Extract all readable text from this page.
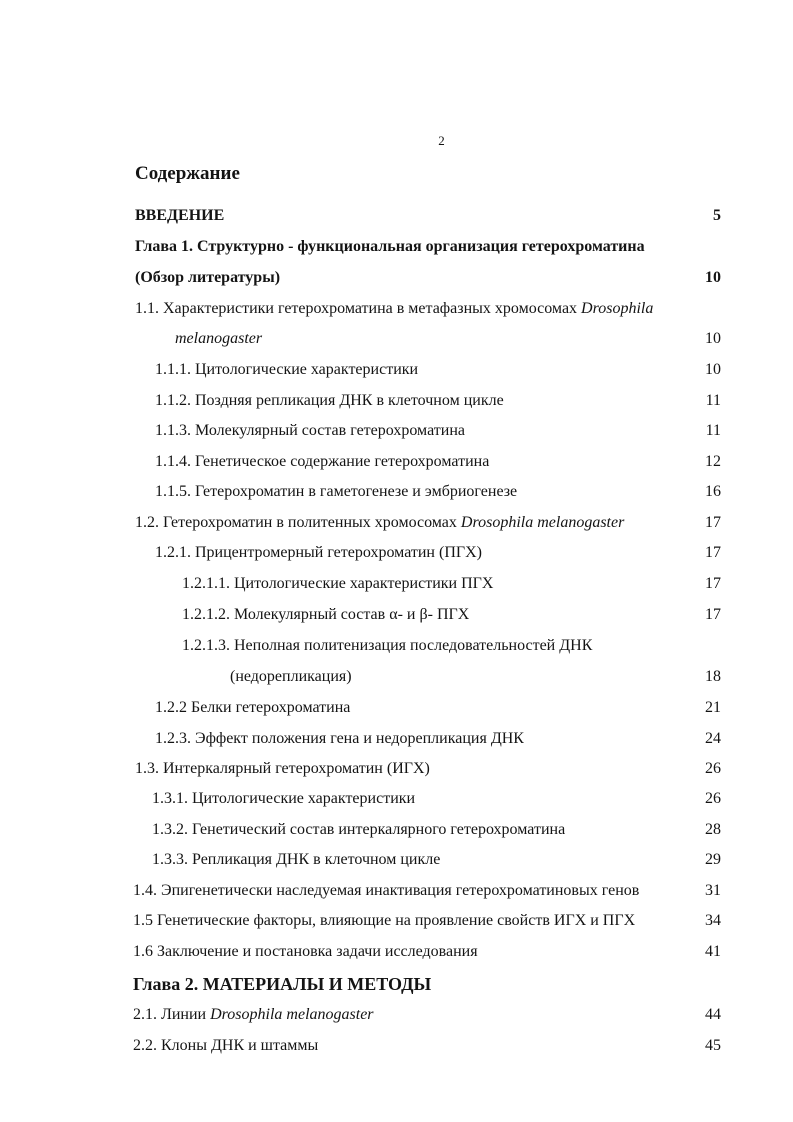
2
Содержание
ВВЕДЕНИЕ	5
Глава 1. Структурно - функциональная организация гетерохроматина
(Обзор литературы)	10
1.1. Характеристики гетерохроматина в метафазных хромосомах Drosophila
melanogaster	10
1.1.1. Цитологические характеристики	10
1.1.2. Поздняя репликация ДНК в клеточном цикле	11
1.1.3. Молекулярный состав гетерохроматина	11
1.1.4. Генетическое содержание гетерохроматина	12
1.1.5. Гетерохроматин в гаметогенезе и эмбриогенезе	16
1.2. Гетерохроматин в политенных хромосомах Drosophila melanogaster	17
1.2.1. Прицентромерный гетерохроматин (ПГХ)	17
1.2.1.1. Цитологические характеристики ПГХ	17
1.2.1.2. Молекулярный состав α- и β- ПГХ	17
1.2.1.3. Неполная политенизация последовательностей ДНК
(недорепликация)	18
1.2.2 Белки гетерохроматина	21
1.2.3. Эффект положения гена и недорепликация ДНК	24
1.3. Интеркалярный гетерохроматин (ИГХ)	26
1.3.1. Цитологические характеристики	26
1.3.2. Генетический состав интеркалярного гетерохроматина	28
1.3.3. Репликация ДНК в клеточном цикле	29
1.4. Эпигенетически наследуемая инактивация гетерохроматиновых генов	31
1.5 Генетические факторы, влияющие на проявление свойств ИГХ и ПГХ	34
1.6 Заключение и постановка задачи исследования	41
Глава 2. МАТЕРИАЛЫ И МЕТОДЫ
2.1. Линии Drosophila melanogaster	44
2.2. Клоны ДНК и штаммы	45
